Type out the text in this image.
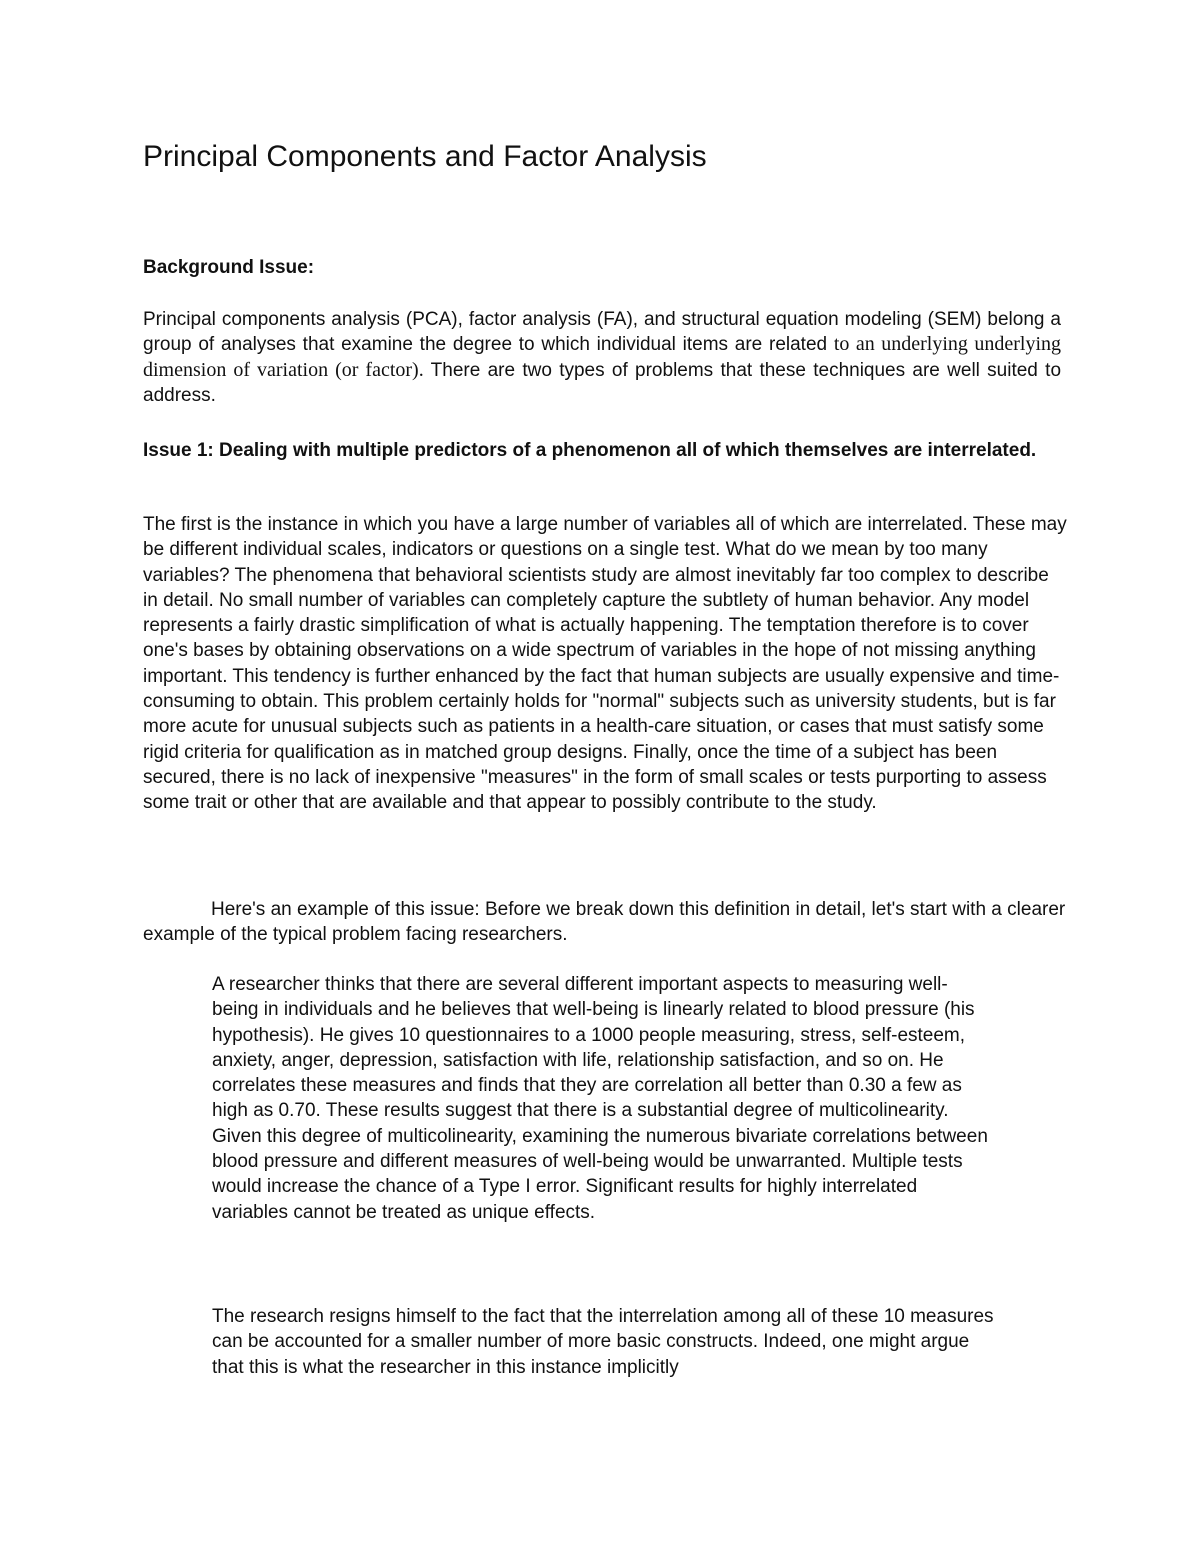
Principal Components and Factor Analysis

Background Issue:

Principal components analysis (PCA), factor analysis (FA), and structural equation modeling (SEM) belong a group of analyses that examine the degree to which individual items are related to an underlying underlying dimension of variation (or factor). There are two types of problems that these techniques are well suited to address.

Issue 1: Dealing with multiple predictors of a phenomenon all of which themselves are interrelated.

The first is the instance in which you have a large number of variables all of which are interrelated. These may be different individual scales, indicators or questions on a single test. What do we mean by too many variables? The phenomena that behavioral scientists study are almost inevitably far too complex to describe in detail. No small number of variables can completely capture the subtlety of human behavior. Any model represents a fairly drastic simplification of what is actually happening. The temptation therefore is to cover one's bases by obtaining observations on a wide spectrum of variables in the hope of not missing anything important. This tendency is further enhanced by the fact that human subjects are usually expensive and time-consuming to obtain. This problem certainly holds for "normal" subjects such as university students, but is far more acute for unusual subjects such as patients in a health-care situation, or cases that must satisfy some rigid criteria for qualification as in matched group designs. Finally, once the time of a subject has been secured, there is no lack of inexpensive "measures" in the form of small scales or tests purporting to assess some trait or other that are available and that appear to possibly contribute to the study.

Here's an example of this issue: Before we break down this definition in detail, let's start with a clearer example of the typical problem facing researchers.

A researcher thinks that there are several different important aspects to measuring well-being in individuals and he believes that well-being is linearly related to blood pressure (his hypothesis). He gives 10 questionnaires to a 1000 people measuring, stress, self-esteem, anxiety, anger, depression, satisfaction with life, relationship satisfaction, and so on. He correlates these measures and finds that they are correlation all better than 0.30 a few as high as 0.70. These results suggest that there is a substantial degree of multicolinearity. Given this degree of multicolinearity, examining the numerous bivariate correlations between blood pressure and different measures of well-being would be unwarranted. Multiple tests would increase the chance of a Type I error. Significant results for highly interrelated variables cannot be treated as unique effects.

The research resigns himself to the fact that the interrelation among all of these 10 measures can be accounted for a smaller number of more basic constructs. Indeed, one might argue that this is what the researcher in this instance implicitly
